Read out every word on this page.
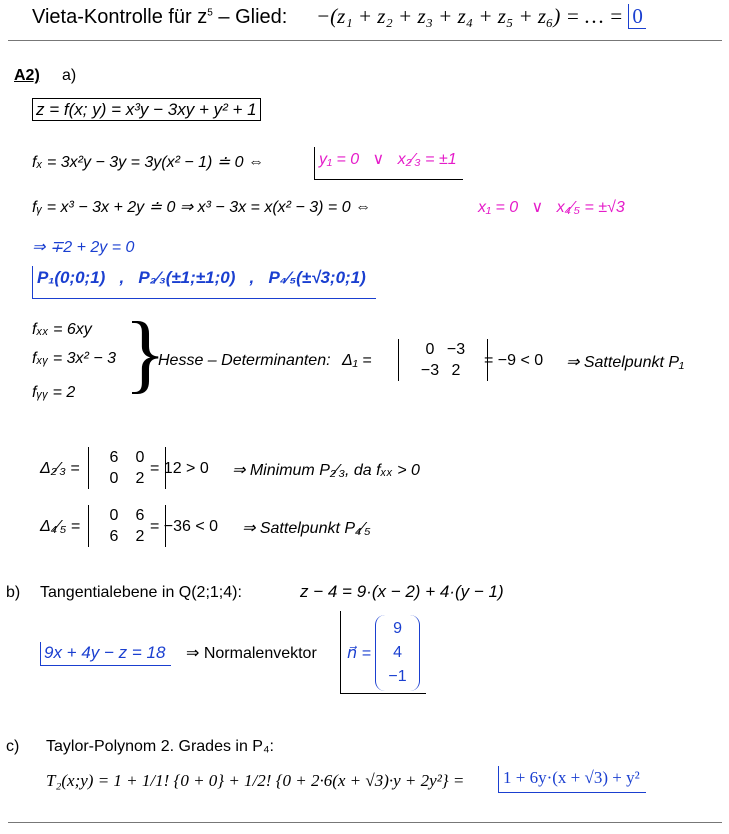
Vieta-Kontrolle für $z^5$ – Glied: −(z₁ + z₂ + z₃ + z₄ + z₅ + z₆) = … = 0
A2) a)
z = f(x; y) = x³y − 3xy + y² + 1
fₓ = 3x²y − 3y = 3y(x² − 1) ≐ 0 ⇔	y₁ = 0 ∨ x₂⁄₃ = ±1
fᵧ = x³ − 3x + 2y ≐ 0 ⇒ x³ − 3x = x(x² − 3) = 0 ⇔	x₁ = 0 ∨ x₄⁄₅ = ±√3
⇒ ∓2 + 2y = 0
P₁(0;0;1) , P₂⁄₃(±1;±1;0) , P₄⁄₅(±√3;0;1)
fₓₓ = 6xy
fₓᵧ = 3x² − 3
fᵧᵧ = 2 }
Hesse – Determinanten: Δ₁ =
0 −3
−3 2
= −9 < 0 ⇒ Sattelpunkt P₁
Δ₂⁄₃ =
6 0
0 2
= 12 > 0 ⇒ Minimum P₂⁄₃, da fₓₓ > 0
Δ₄⁄₅ =
0 6
6 2
= −36 < 0 ⇒ Sattelpunkt P₄⁄₅
b) Tangentialebene in Q(2;1;4):	z − 4 = 9·(x − 2) + 4·(y − 1)
9x + 4y − z = 18	⇒ Normalenvektor	n⃗ =
9
4
−1
c) Taylor-Polynom 2. Grades in P₄:
T₂(x;y) = 1 + 1/1! {0 + 0} + 1/2! {0 + 2·6(x + √3)·y + 2y²} = 1 + 6y·(x + √3) + y²
